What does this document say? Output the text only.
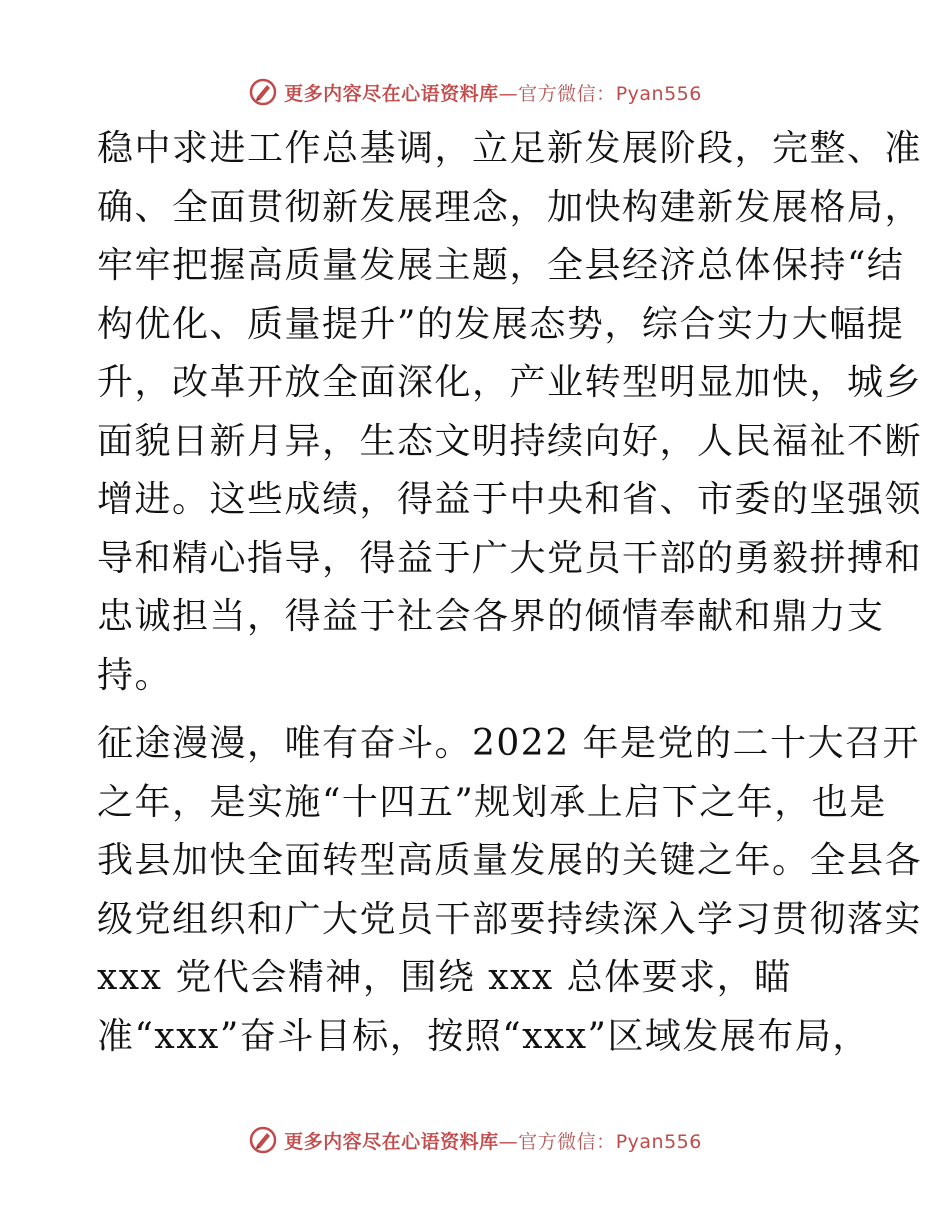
更多内容尽在心语资料库—官方微信：Pyan556
稳中求进工作总基调，立足新发展阶段，完整、准
确、全面贯彻新发展理念，加快构建新发展格局，
牢牢把握高质量发展主题，全县经济总体保持“结
构优化、质量提升”的发展态势，综合实力大幅提
升，改革开放全面深化，产业转型明显加快，城乡
面貌日新月异，生态文明持续向好，人民福祉不断
增进。这些成绩，得益于中央和省、市委的坚强领
导和精心指导，得益于广大党员干部的勇毅拼搏和
忠诚担当，得益于社会各界的倾情奉献和鼎力支
持。
征途漫漫，唯有奋斗。2022 年是党的二十大召开
之年，是实施“十四五”规划承上启下之年，也是
我县加快全面转型高质量发展的关键之年。全县各
级党组织和广大党员干部要持续深入学习贯彻落实
xxx 党代会精神，围绕 xxx 总体要求，瞄
准“xxx”奋斗目标，按照“xxx”区域发展布局，
更多内容尽在心语资料库—官方微信：Pyan556
